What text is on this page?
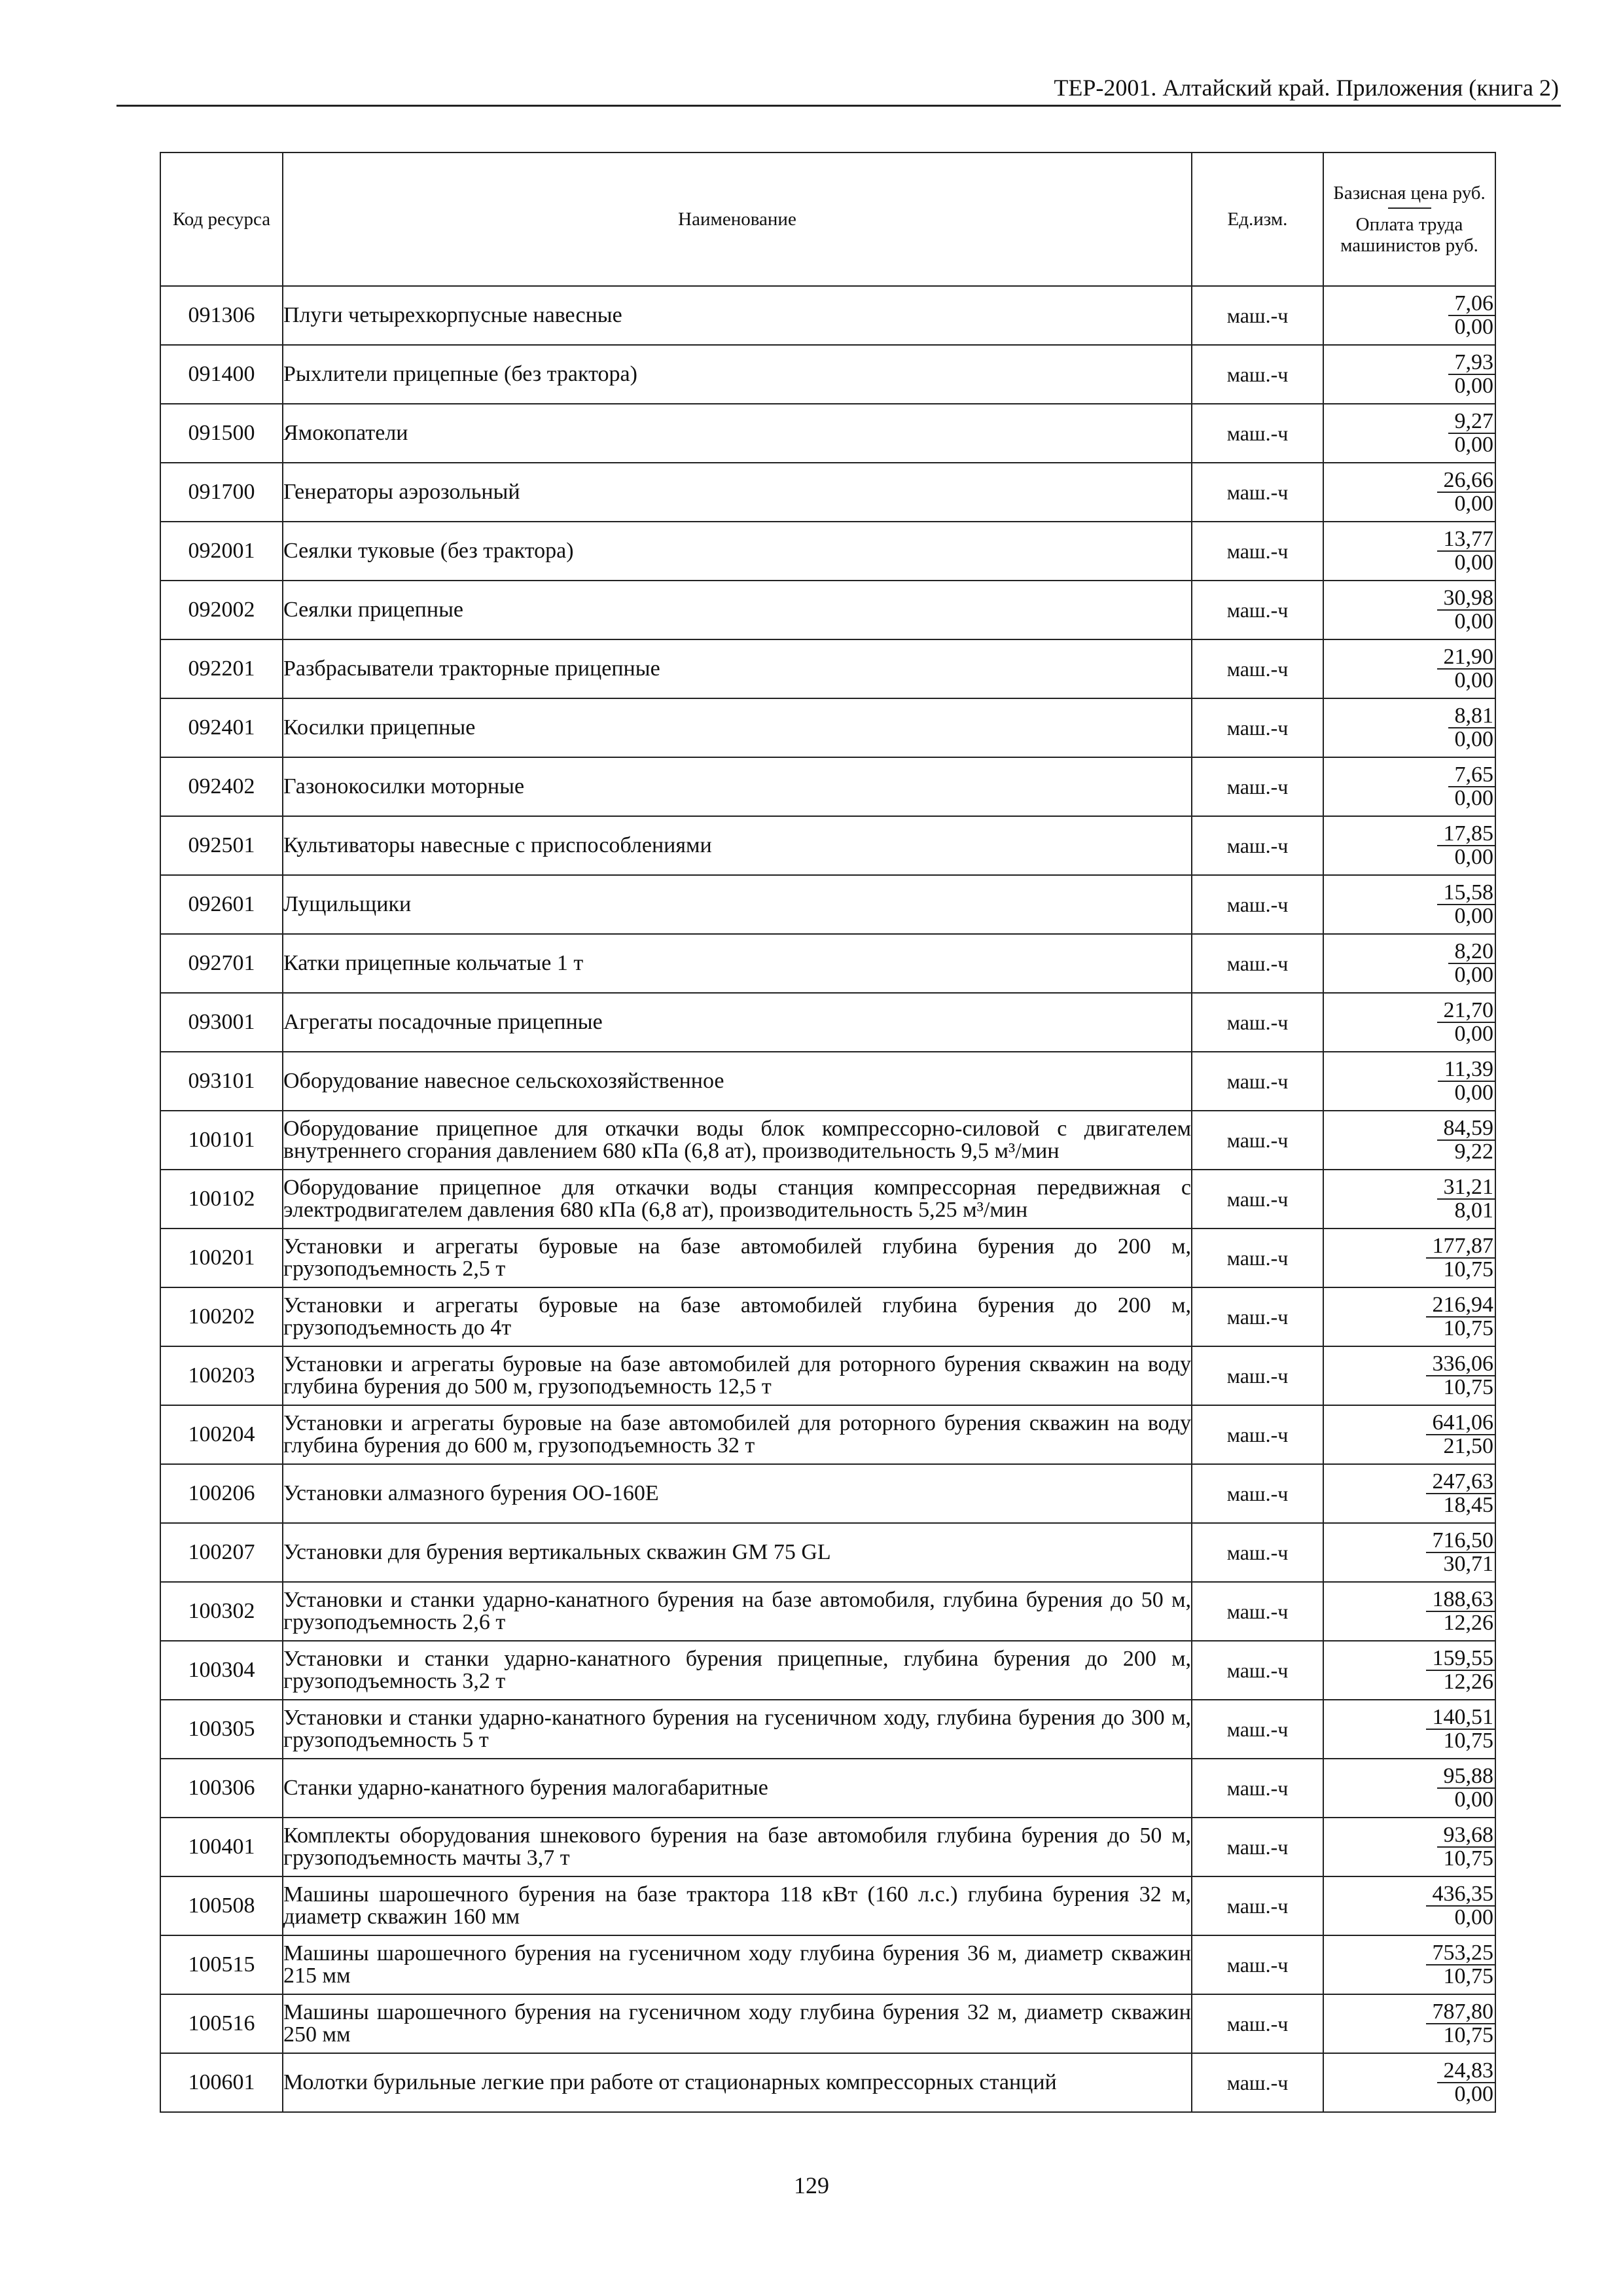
ТЕР-2001. Алтайский край. Приложения (книга 2)
Код ресурса	Наименование	Ед.изм.	Базисная цена руб.
Оплата труда машинистов руб.
091306	Плуги четырехкорпусные навесные	маш.-ч	$\frac{7,06}{0,00}$

091400	Рыхлители прицепные (без трактора)	маш.-ч	$\frac{7,93}{0,00}$

091500	Ямокопатели	маш.-ч	$\frac{9,27}{0,00}$

091700	Генераторы аэрозольный	маш.-ч	$\frac{26,66}{0,00}$

092001	Сеялки туковые (без трактора)	маш.-ч	$\frac{13,77}{0,00}$

092002	Сеялки прицепные	маш.-ч	$\frac{30,98}{0,00}$

092201	Разбрасыватели тракторные прицепные	маш.-ч	$\frac{21,90}{0,00}$

092401	Косилки прицепные	маш.-ч	$\frac{8,81}{0,00}$

092402	Газонокосилки моторные	маш.-ч	$\frac{7,65}{0,00}$

092501	Культиваторы навесные с приспособлениями	маш.-ч	$\frac{17,85}{0,00}$

092601	Лущильщики	маш.-ч	$\frac{15,58}{0,00}$

092701	Катки прицепные кольчатые 1 т	маш.-ч	$\frac{8,20}{0,00}$

093001	Агрегаты посадочные прицепные	маш.-ч	$\frac{21,70}{0,00}$

093101	Оборудование навесное сельскохозяйственное	маш.-ч	$\frac{11,39}{0,00}$

100101	Оборудование прицепное для откачки воды блок компрессорно-силовой с двигателем внутреннего сгорания давлением 680 кПа (6,8 ат), производительность 9,5 м³/мин	маш.-ч	$\frac{84,59}{9,22}$

100102	Оборудование прицепное для откачки воды станция компрессорная передвижная с электродвигателем давления 680 кПа (6,8 ат), производительность 5,25 м³/мин	маш.-ч	$\frac{31,21}{8,01}$

100201	Установки и агрегаты буровые на базе автомобилей глубина бурения до 200 м, грузоподъемность 2,5 т	маш.-ч	$\frac{177,87}{10,75}$

100202	Установки и агрегаты буровые на базе автомобилей глубина бурения до 200 м, грузоподъемность до 4т	маш.-ч	$\frac{216,94}{10,75}$

100203	Установки и агрегаты буровые на базе автомобилей для роторного бурения скважин на воду глубина бурения до 500 м, грузоподъемность 12,5 т	маш.-ч	$\frac{336,06}{10,75}$

100204	Установки и агрегаты буровые на базе автомобилей для роторного бурения скважин на воду глубина бурения до 600 м, грузоподъемность 32 т	маш.-ч	$\frac{641,06}{21,50}$

100206	Установки алмазного бурения ОО-160Е	маш.-ч	$\frac{247,63}{18,45}$

100207	Установки для бурения вертикальных скважин GM 75 GL	маш.-ч	$\frac{716,50}{30,71}$

100302	Установки и станки ударно-канатного бурения на базе автомобиля, глубина бурения до 50 м, грузоподъемность 2,6 т	маш.-ч	$\frac{188,63}{12,26}$

100304	Установки и станки ударно-канатного бурения прицепные, глубина бурения до 200 м, грузоподъемность 3,2 т	маш.-ч	$\frac{159,55}{12,26}$

100305	Установки и станки ударно-канатного бурения на гусеничном ходу, глубина бурения до 300 м, грузоподъемность 5 т	маш.-ч	$\frac{140,51}{10,75}$

100306	Станки ударно-канатного бурения малогабаритные	маш.-ч	$\frac{95,88}{0,00}$

100401	Комплекты оборудования шнекового бурения на базе автомобиля глубина бурения до 50 м, грузоподъемность мачты 3,7 т	маш.-ч	$\frac{93,68}{10,75}$

100508	Машины шарошечного бурения на базе трактора 118 кВт (160 л.с.) глубина бурения 32 м, диаметр скважин 160 мм	маш.-ч	$\frac{436,35}{0,00}$

100515	Машины шарошечного бурения на гусеничном ходу глубина бурения 36 м, диаметр скважин 215 мм	маш.-ч	$\frac{753,25}{10,75}$

100516	Машины шарошечного бурения на гусеничном ходу глубина бурения 32 м, диаметр скважин 250 мм	маш.-ч	$\frac{787,80}{10,75}$

100601	Молотки бурильные легкие при работе от стационарных компрессорных станций	маш.-ч	$\frac{24,83}{0,00}$
129
